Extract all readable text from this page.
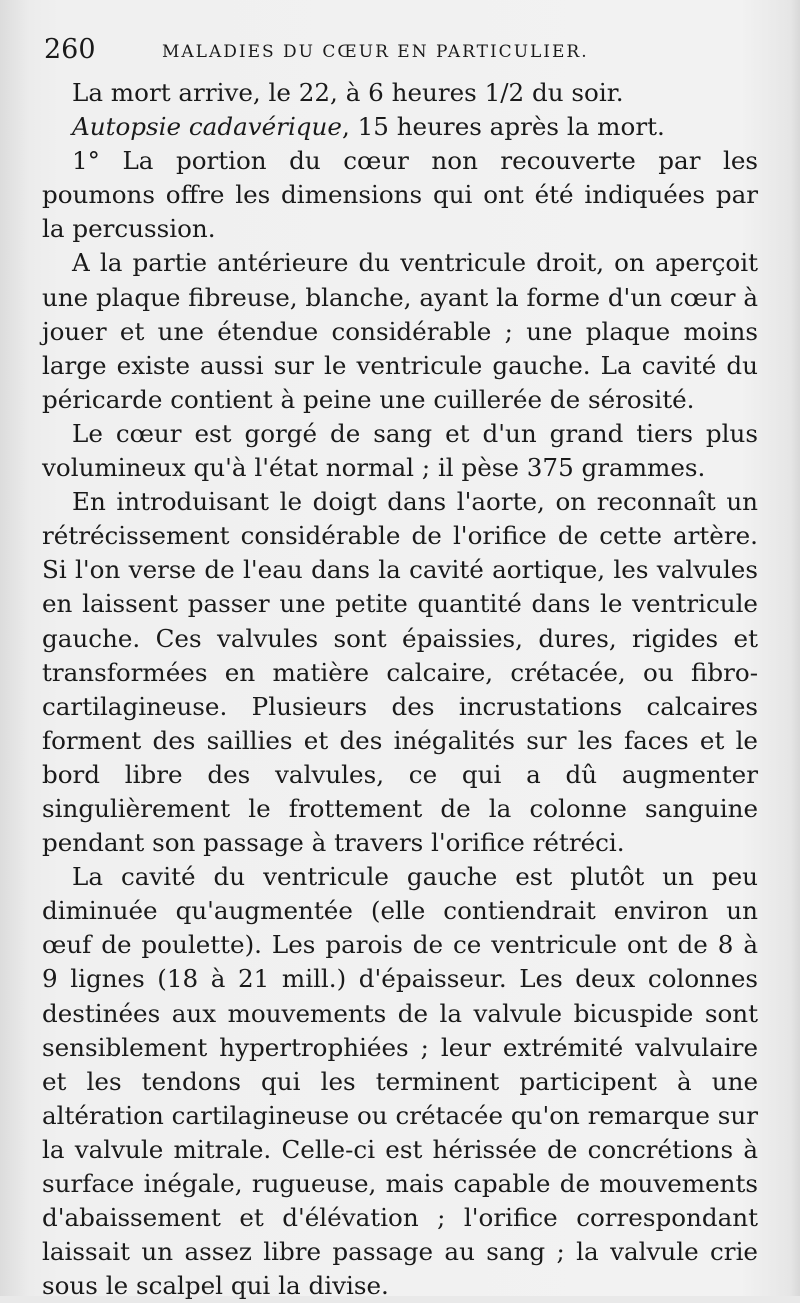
260	MALADIES DU CŒUR EN PARTICULIER.

La mort arrive, le 22, à 6 heures 1/2 du soir.

Autopsie cadavérique, 15 heures après la mort.

1° La portion du cœur non recouverte par les poumons offre les dimensions qui ont été indiquées par la percussion.

A la partie antérieure du ventricule droit, on aperçoit une plaque fibreuse, blanche, ayant la forme d'un cœur à jouer et une étendue considérable ; une plaque moins large existe aussi sur le ventricule gauche. La cavité du péricarde contient à peine une cuillerée de sérosité.

Le cœur est gorgé de sang et d'un grand tiers plus volumineux qu'à l'état normal ; il pèse 375 grammes.

En introduisant le doigt dans l'aorte, on reconnaît un rétrécissement considérable de l'orifice de cette artère. Si l'on verse de l'eau dans la cavité aortique, les valvules en laissent passer une petite quantité dans le ventricule gauche. Ces valvules sont épaissies, dures, rigides et transformées en matière calcaire, crétacée, ou fibro-cartilagineuse. Plusieurs des incrustations calcaires forment des saillies et des inégalités sur les faces et le bord libre des valvules, ce qui a dû augmenter singulièrement le frottement de la colonne sanguine pendant son passage à travers l'orifice rétréci.

La cavité du ventricule gauche est plutôt un peu diminuée qu'augmentée (elle contiendrait environ un œuf de poulette). Les parois de ce ventricule ont de 8 à 9 lignes (18 à 21 mill.) d'épaisseur. Les deux colonnes destinées aux mouvements de la valvule bicuspide sont sensiblement hypertrophiées ; leur extrémité valvulaire et les tendons qui les terminent participent à une altération cartilagineuse ou crétacée qu'on remarque sur la valvule mitrale. Celle-ci est hérissée de concrétions à surface inégale, rugueuse, mais capable de mouvements d'abaissement et d'élévation ; l'orifice correspondant laissait un assez libre passage au sang ; la valvule crie sous le scalpel qui la divise.
